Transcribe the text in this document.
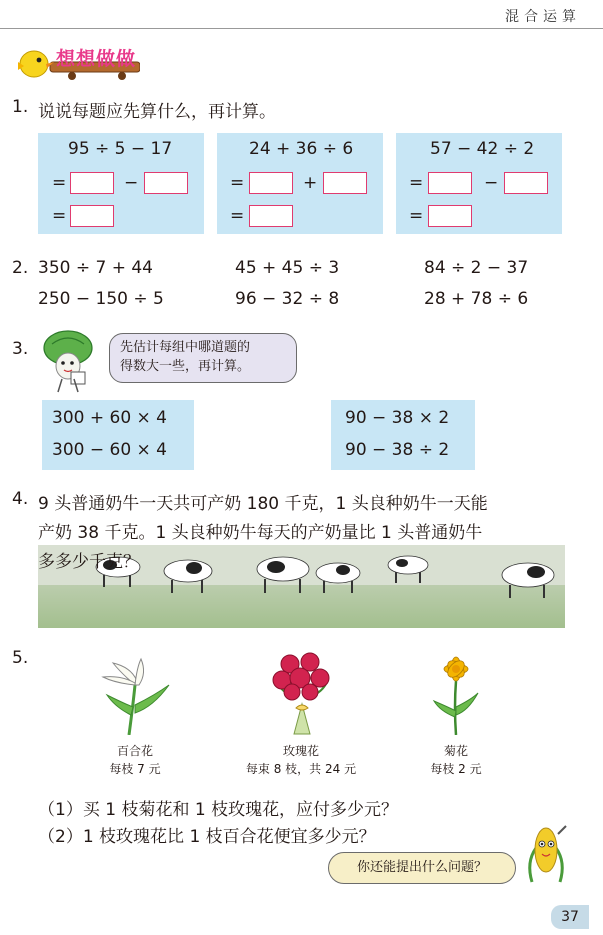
混合运算
想想做做
1. 说说每题应先算什么，再计算。
95 ÷ 5 − 17
=	−
=
24 + 36 ÷ 6
=	+
=
57 − 42 ÷ 2
=	−
=
2. 350 ÷ 7 + 44	45 + 45 ÷ 3	84 ÷ 2 − 37
250 − 150 ÷ 5	96 − 32 ÷ 8	28 + 78 ÷ 6
3.	先估计每组中哪道题的
得数大一些，再计算。
300 + 60 × 4
300 − 60 × 4
90 − 38 × 2
90 − 38 ÷ 2
4. 9 头普通奶牛一天共可产奶 180 千克，1 头良种奶牛一天能
产奶 38 千克。1 头良种奶牛每天的产奶量比 1 头普通奶牛
多多少千克？
5.
百合花
每枝 7 元
玫瑰花
每束 8 枝，共 24 元
菊花
每枝 2 元
（1）买 1 枝菊花和 1 枝玫瑰花，应付多少元？
（2）1 枝玫瑰花比 1 枝百合花便宜多少元？
你还能提出什么问题？
37
